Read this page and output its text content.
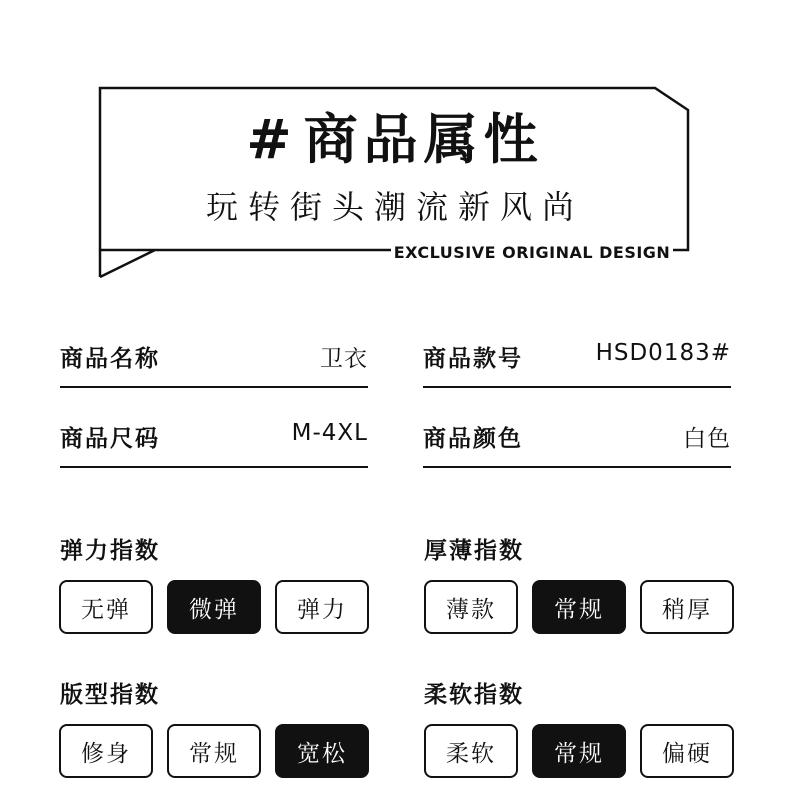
# 商品属性
玩转街头潮流新风尚
EXCLUSIVE ORIGINAL DESIGN
商品名称	卫衣 商品款号	HSD0183#
商品尺码	M-4XL 商品颜色	白色
弹力指数
无弹	微弹	弹力
厚薄指数
薄款	常规	稍厚
版型指数
修身	常规	宽松
柔软指数
柔软	常规	偏硬
